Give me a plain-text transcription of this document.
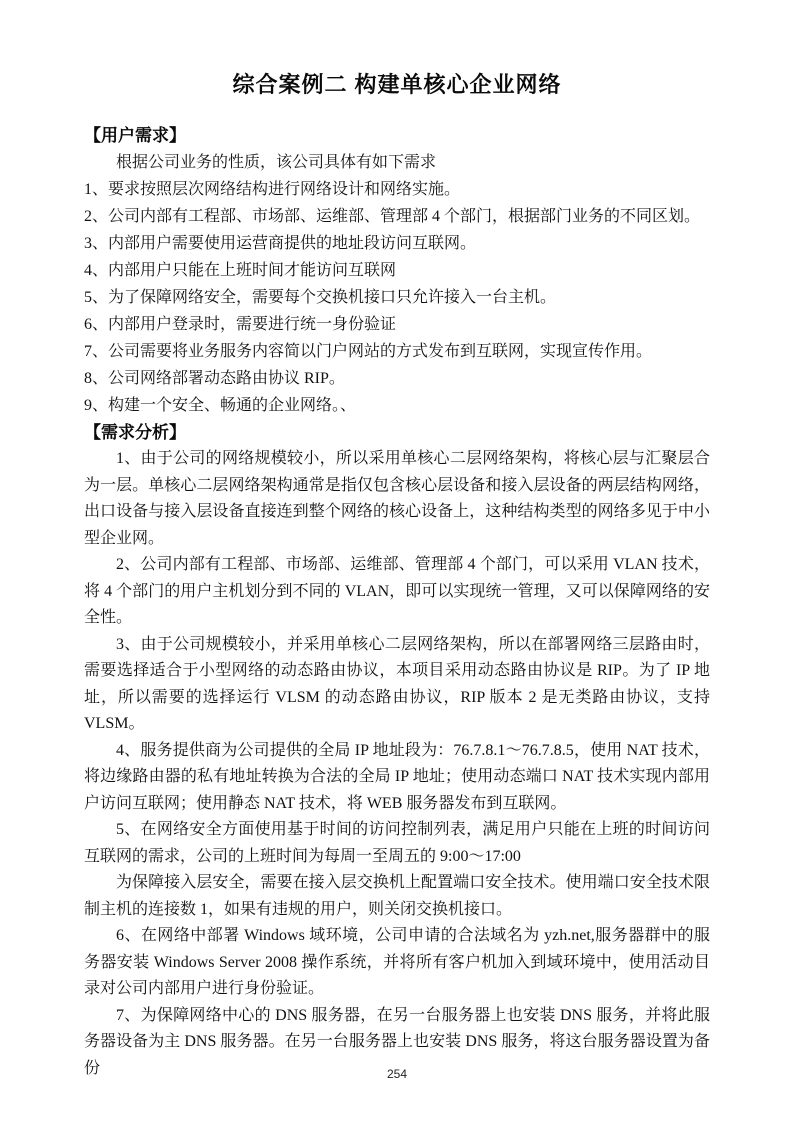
综合案例二 构建单核心企业网络
【用户需求】

根据公司业务的性质，该公司具体有如下需求

1、要求按照层次网络结构进行网络设计和网络实施。

2、公司内部有工程部、市场部、运维部、管理部 4 个部门，根据部门业务的不同区划。

3、内部用户需要使用运营商提供的地址段访问互联网。

4、内部用户只能在上班时间才能访问互联网

5、为了保障网络安全，需要每个交换机接口只允许接入一台主机。

6、内部用户登录时，需要进行统一身份验证

7、公司需要将业务服务内容简以门户网站的方式发布到互联网，实现宣传作用。

8、公司网络部署动态路由协议 RIP。

9、构建一个安全、畅通的企业网络。、

【需求分析】

1、由于公司的网络规模较小，所以采用单核心二层网络架构，将核心层与汇聚层合为一层。单核心二层网络架构通常是指仅包含核心层设备和接入层设备的两层结构网络，出口设备与接入层设备直接连到整个网络的核心设备上，这种结构类型的网络多见于中小型企业网。

2、公司内部有工程部、市场部、运维部、管理部 4 个部门，可以采用 VLAN 技术，将 4 个部门的用户主机划分到不同的 VLAN，即可以实现统一管理，又可以保障网络的安全性。

3、由于公司规模较小，并采用单核心二层网络架构，所以在部署网络三层路由时，需要选择适合于小型网络的动态路由协议，本项目采用动态路由协议是 RIP。为了 IP 地址，所以需要的选择运行 VLSM 的动态路由协议，RIP 版本 2 是无类路由协议，支持 VLSM。

4、服务提供商为公司提供的全局 IP 地址段为：76.7.8.1～76.7.8.5，使用 NAT 技术，将边缘路由器的私有地址转换为合法的全局 IP 地址；使用动态端口 NAT 技术实现内部用户访问互联网；使用静态 NAT 技术，将 WEB 服务器发布到互联网。

5、在网络安全方面使用基于时间的访问控制列表，满足用户只能在上班的时间访问互联网的需求，公司的上班时间为每周一至周五的 9:00～17:00

为保障接入层安全，需要在接入层交换机上配置端口安全技术。使用端口安全技术限制主机的连接数 1，如果有违规的用户，则关闭交换机接口。

6、在网络中部署 Windows 域环境，公司申请的合法域名为 yzh.net,服务器群中的服务器安装 Windows Server 2008 操作系统，并将所有客户机加入到域环境中，使用活动目录对公司内部用户进行身份验证。

7、为保障网络中心的 DNS 服务器，在另一台服务器上也安装 DNS 服务，并将此服务器设备为主 DNS 服务器。在另一台服务器上也安装 DNS 服务，将这台服务器设置为备份	254
